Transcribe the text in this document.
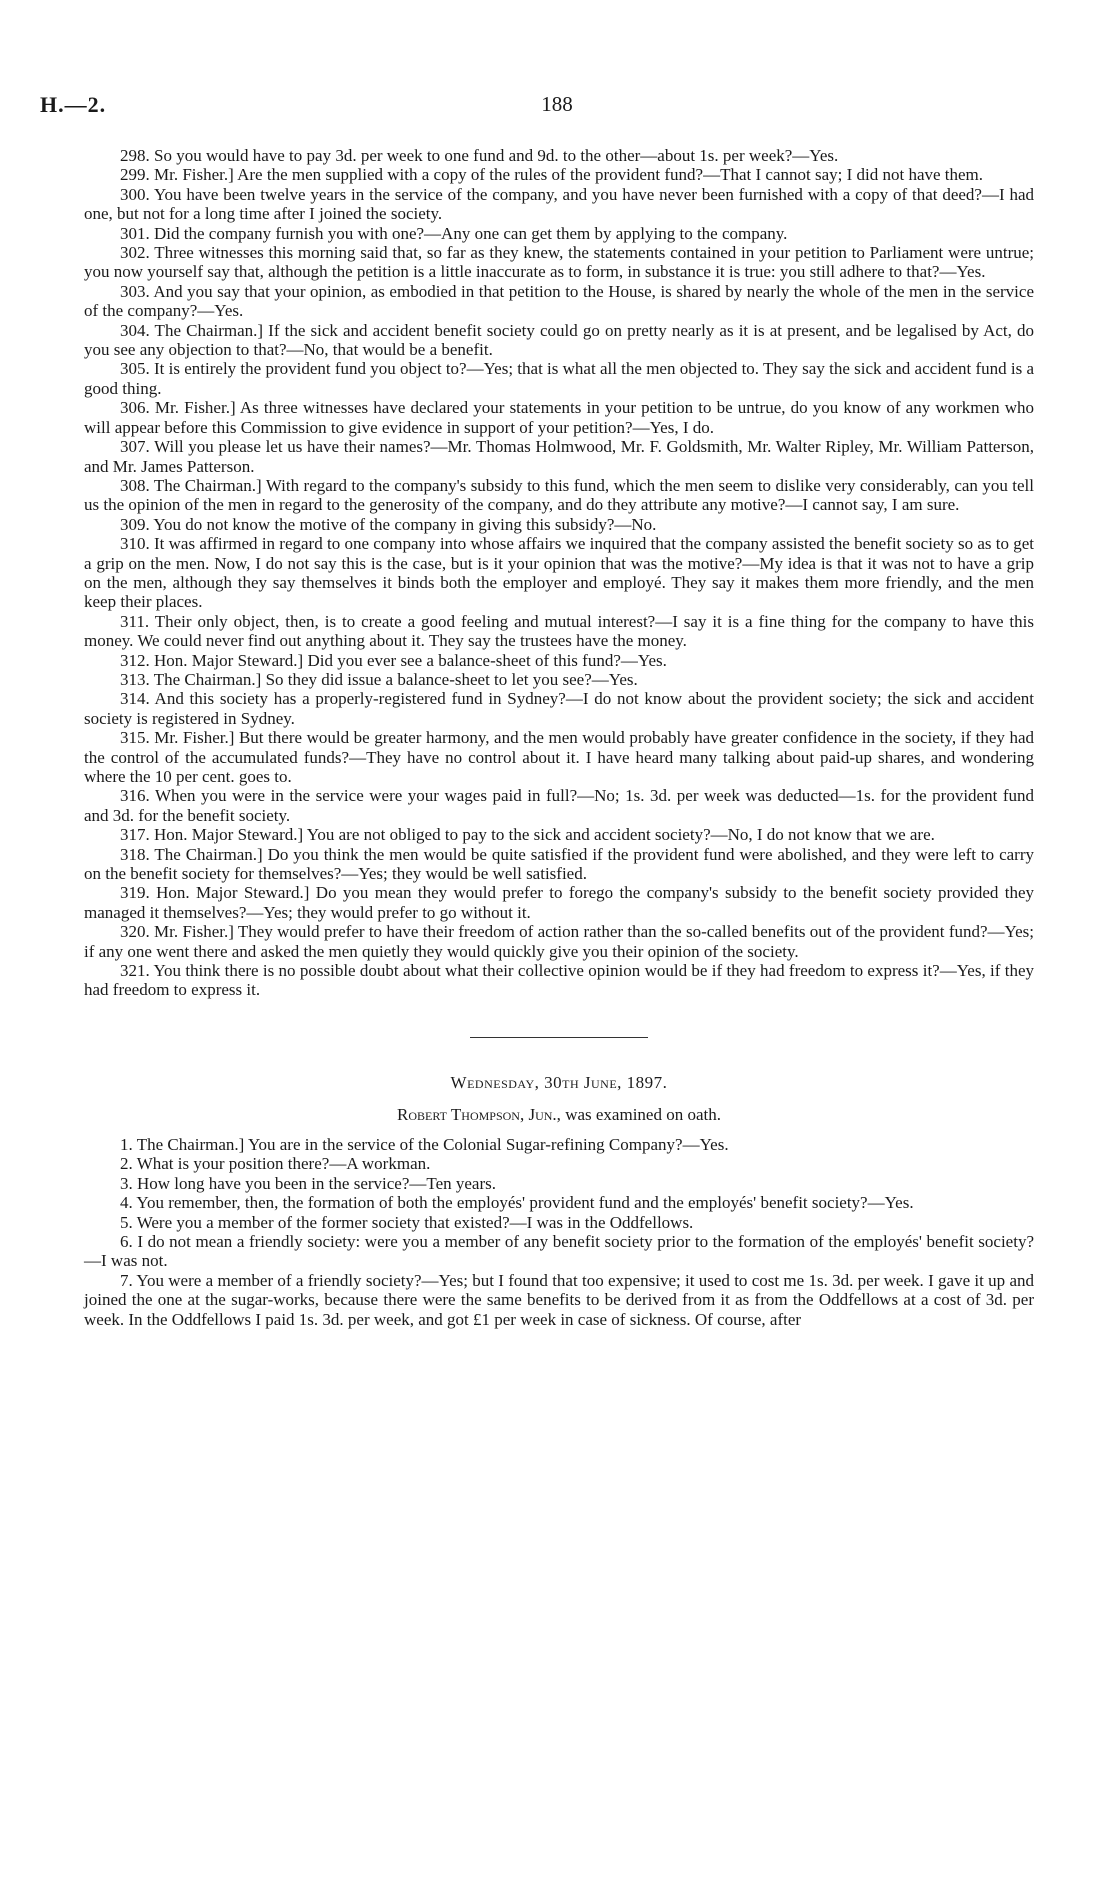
H.—2.	188

298. So you would have to pay 3d. per week to one fund and 9d. to the other—about 1s. per week?—Yes.

299. Mr. Fisher.] Are the men supplied with a copy of the rules of the provident fund?—That I cannot say; I did not have them.

300. You have been twelve years in the service of the company, and you have never been furnished with a copy of that deed?—I had one, but not for a long time after I joined the society.

301. Did the company furnish you with one?—Any one can get them by applying to the company.

302. Three witnesses this morning said that, so far as they knew, the statements contained in your petition to Parliament were untrue; you now yourself say that, although the petition is a little inaccurate as to form, in substance it is true: you still adhere to that?—Yes.

303. And you say that your opinion, as embodied in that petition to the House, is shared by nearly the whole of the men in the service of the company?—Yes.

304. The Chairman.] If the sick and accident benefit society could go on pretty nearly as it is at present, and be legalised by Act, do you see any objection to that?—No, that would be a benefit.

305. It is entirely the provident fund you object to?—Yes; that is what all the men objected to. They say the sick and accident fund is a good thing.

306. Mr. Fisher.] As three witnesses have declared your statements in your petition to be untrue, do you know of any workmen who will appear before this Commission to give evidence in support of your petition?—Yes, I do.

307. Will you please let us have their names?—Mr. Thomas Holmwood, Mr. F. Goldsmith, Mr. Walter Ripley, Mr. William Patterson, and Mr. James Patterson.

308. The Chairman.] With regard to the company's subsidy to this fund, which the men seem to dislike very considerably, can you tell us the opinion of the men in regard to the generosity of the company, and do they attribute any motive?—I cannot say, I am sure.

309. You do not know the motive of the company in giving this subsidy?—No.

310. It was affirmed in regard to one company into whose affairs we inquired that the company assisted the benefit society so as to get a grip on the men. Now, I do not say this is the case, but is it your opinion that was the motive?—My idea is that it was not to have a grip on the men, although they say themselves it binds both the employer and employé. They say it makes them more friendly, and the men keep their places.

311. Their only object, then, is to create a good feeling and mutual interest?—I say it is a fine thing for the company to have this money. We could never find out anything about it. They say the trustees have the money.

312. Hon. Major Steward.] Did you ever see a balance-sheet of this fund?—Yes.

313. The Chairman.] So they did issue a balance-sheet to let you see?—Yes.

314. And this society has a properly-registered fund in Sydney?—I do not know about the provident society; the sick and accident society is registered in Sydney.

315. Mr. Fisher.] But there would be greater harmony, and the men would probably have greater confidence in the society, if they had the control of the accumulated funds?—They have no control about it. I have heard many talking about paid-up shares, and wondering where the 10 per cent. goes to.

316. When you were in the service were your wages paid in full?—No; 1s. 3d. per week was deducted—1s. for the provident fund and 3d. for the benefit society.

317. Hon. Major Steward.] You are not obliged to pay to the sick and accident society?—No, I do not know that we are.

318. The Chairman.] Do you think the men would be quite satisfied if the provident fund were abolished, and they were left to carry on the benefit society for themselves?—Yes; they would be well satisfied.

319. Hon. Major Steward.] Do you mean they would prefer to forego the company's subsidy to the benefit society provided they managed it themselves?—Yes; they would prefer to go without it.

320. Mr. Fisher.] They would prefer to have their freedom of action rather than the so-called benefits out of the provident fund?—Yes; if any one went there and asked the men quietly they would quickly give you their opinion of the society.

321. You think there is no possible doubt about what their collective opinion would be if they had freedom to express it?—Yes, if they had freedom to express it.

Wednesday, 30th June, 1897.
Robert Thompson, Jun., was examined on oath.

1. The Chairman.] You are in the service of the Colonial Sugar-refining Company?—Yes.

2. What is your position there?—A workman.

3. How long have you been in the service?—Ten years.

4. You remember, then, the formation of both the employés' provident fund and the employés' benefit society?—Yes.

5. Were you a member of the former society that existed?—I was in the Oddfellows.

6. I do not mean a friendly society: were you a member of any benefit society prior to the formation of the employés' benefit society?—I was not.

7. You were a member of a friendly society?—Yes; but I found that too expensive; it used to cost me 1s. 3d. per week. I gave it up and joined the one at the sugar-works, because there were the same benefits to be derived from it as from the Oddfellows at a cost of 3d. per week. In the Oddfellows I paid 1s. 3d. per week, and got £1 per week in case of sickness. Of course, after
